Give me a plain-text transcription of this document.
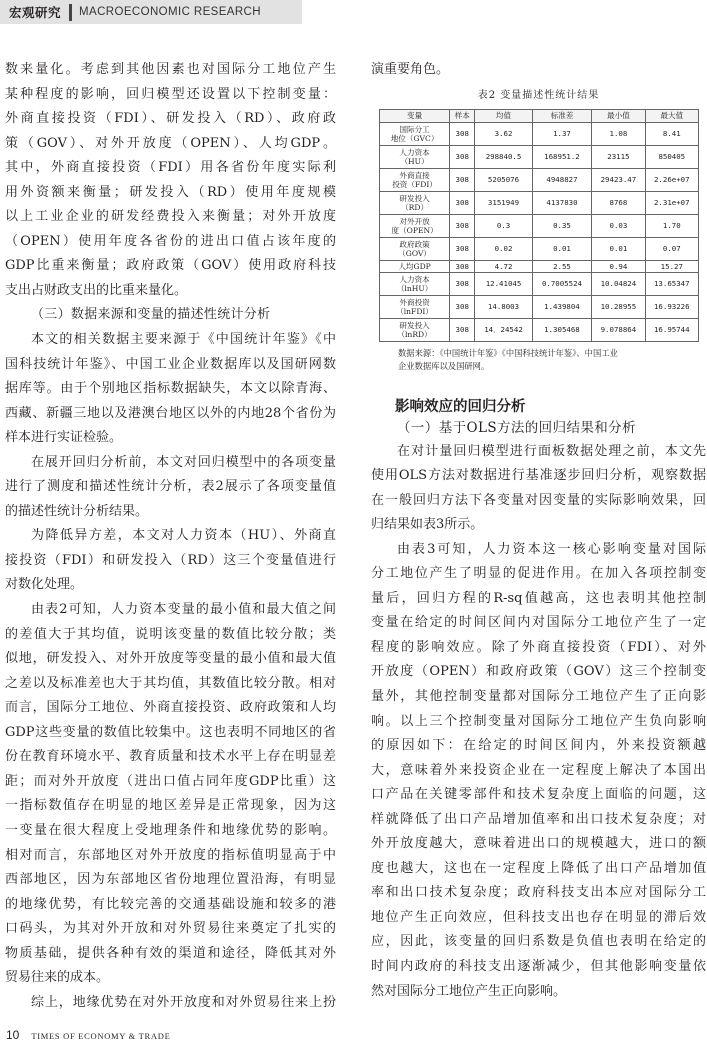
宏观研究 MACROECONOMIC RESEARCH

数来量化。考虑到其他因素也对国际分工地位产生

某种程度的影响，回归模型还设置以下控制变量：

外商直接投资（FDI）、研发投入（RD）、政府政

策（GOV）、对外开放度（OPEN）、人均GDP。

其中，外商直接投资（FDI）用各省份年度实际利

用外资额来衡量；研发投入（RD）使用年度规模

以上工业企业的研发经费投入来衡量；对外开放度

（OPEN）使用年度各省份的进出口值占该年度的

GDP比重来衡量；政府政策（GOV）使用政府科技

支出占财政支出的比重来量化。

（三）数据来源和变量的描述性统计分析

本文的相关数据主要来源于《中国统计年鉴》《中

国科技统计年鉴》、中国工业企业数据库以及国研网数

据库等。由于个别地区指标数据缺失，本文以除青海、

西藏、新疆三地以及港澳台地区以外的内地28个省份为

样本进行实证检验。

在展开回归分析前，本文对回归模型中的各项变量

进行了测度和描述性统计分析，表2展示了各项变量值

的描述性统计分析结果。

为降低异方差，本文对人力资本（HU）、外商直

接投资（FDI）和研发投入（RD）这三个变量值进行

对数化处理。

由表2可知，人力资本变量的最小值和最大值之间

的差值大于其均值，说明该变量的数值比较分散；类

似地，研发投入、对外开放度等变量的最小值和最大值

之差以及标准差也大于其均值，其数值比较分散。相对

而言，国际分工地位、外商直接投资、政府政策和人均

GDP这些变量的数值比较集中。这也表明不同地区的省

份在教育环境水平、教育质量和技术水平上存在明显差

距；而对外开放度（进出口值占同年度GDP比重）这

一指标数值存在明显的地区差异是正常现象，因为这

一变量在很大程度上受地理条件和地缘优势的影响。

相对而言，东部地区对外开放度的指标值明显高于中

西部地区，因为东部地区省份地理位置沿海，有明显

的地缘优势，有比较完善的交通基础设施和较多的港

口码头，为其对外开放和对外贸易往来奠定了扎实的

物质基础，提供各种有效的渠道和途径，降低其对外

贸易往来的成本。

综上，地缘优势在对外开放度和对外贸易往来上扮

演重要角色。

表2 变量描述性统计结果
变量	样本	均值	标准差	最小值	最大值

国际分工
地位（GVC）	308	3.62	1.37	1.08	8.41

人力资本
（HU）	308	298840.5	168951.2	23115	850405

外商直接
投资（FDI）	308	5205076	4948827	29423.47	2.26e+07

研发投入
（RD）	308	3151949	4137830	8768	2.31e+07

对外开放
度（OPEN）	308	0.3	0.35	0.03	1.70

政府政策
（GOV）	308	0.02	0.01	0.01	0.07

人均GDP	308	4.72	2.55	0.94	15.27

人力资本
（lnHU）	308	12.41045	0.7005524	10.04824	13.65347

外商投资
（lnFDI）	308	14.8003	1.439804	10.28955	16.93226

研发投入
（lnRD）	308	14．24542	1.305468	9.078864	16.95744
数据来源：《中国统计年鉴》《中国科技统计年鉴》、中国工业
企业数据库以及国研网。
影响效应的回归分析
（一）基于OLS方法的回归结果和分析

在对计量回归模型进行面板数据处理之前，本文先

使用OLS方法对数据进行基准逐步回归分析，观察数据

在一般回归方法下各变量对因变量的实际影响效果，回

归结果如表3所示。

由表3可知，人力资本这一核心影响变量对国际

分工地位产生了明显的促进作用。在加入各项控制变

量后，回归方程的R-sq值越高，这也表明其他控制

变量在给定的时间区间内对国际分工地位产生了一定

程度的影响效应。除了外商直接投资（FDI）、对外

开放度（OPEN）和政府政策（GOV）这三个控制变

量外，其他控制变量都对国际分工地位产生了正向影

响。以上三个控制变量对国际分工地位产生负向影响

的原因如下：在给定的时间区间内，外来投资额越

大，意味着外来投资企业在一定程度上解决了本国出

口产品在关键零部件和技术复杂度上面临的问题，这

样就降低了出口产品增加值率和出口技术复杂度；对

外开放度越大，意味着进出口的规模越大，进口的额

度也越大，这也在一定程度上降低了出口产品增加值

率和出口技术复杂度；政府科技支出本应对国际分工

地位产生正向效应，但科技支出也存在明显的滞后效

应，因此，该变量的回归系数是负值也表明在给定的

时间内政府的科技支出逐渐减少，但其他影响变量依

然对国际分工地位产生正向影响。

10 TIMES OF ECONOMY & TRADE
